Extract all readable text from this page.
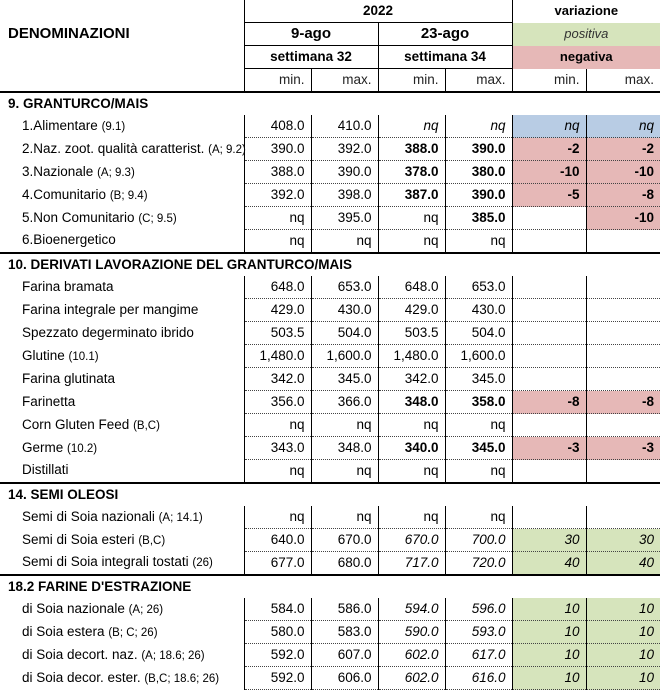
DENOMINAZIONI	2022				variazione	
	9-ago		23-ago		positiva	
	settimana 32		settimana 34		negativa	
	min.	max.	min.	max.	min.	max.
9. GRANTURCO/MAIS						
1.Alimentare (9.1)	408.0	410.0	nq	nq	nq	nq
2.Naz. zoot. qualità caratterist. (A; 9.2)	390.0	392.0	388.0	390.0	-2	-2
3.Nazionale (A; 9.3)	388.0	390.0	378.0	380.0	-10	-10
4.Comunitario (B; 9.4)	392.0	398.0	387.0	390.0	-5	-8
5.Non Comunitario (C; 9.5)	nq	395.0	nq	385.0		-10
6.Bioenergetico	nq	nq	nq	nq		
10. DERIVATI LAVORAZIONE DEL GRANTURCO/MAIS						
Farina bramata	648.0	653.0	648.0	653.0		
Farina integrale per mangime	429.0	430.0	429.0	430.0		
Spezzato degerminato ibrido	503.5	504.0	503.5	504.0		
Glutine (10.1)	1,480.0	1,600.0	1,480.0	1,600.0		
Farina glutinata	342.0	345.0	342.0	345.0		
Farinetta	356.0	366.0	348.0	358.0	-8	-8
Corn Gluten Feed (B,C)	nq	nq	nq	nq		
Germe (10.2)	343.0	348.0	340.0	345.0	-3	-3
Distillati	nq	nq	nq	nq		
14. SEMI OLEOSI						
Semi di Soia nazionali (A; 14.1)	nq	nq	nq	nq		
Semi di Soia esteri (B,C)	640.0	670.0	670.0	700.0	30	30
Semi di Soia integrali tostati (26)	677.0	680.0	717.0	720.0	40	40
18.2 FARINE D'ESTRAZIONE						
di Soia nazionale (A; 26)	584.0	586.0	594.0	596.0	10	10
di Soia estera (B; C; 26)	580.0	583.0	590.0	593.0	10	10
di Soia decort. naz. (A; 18.6; 26)	592.0	607.0	602.0	617.0	10	10
di Soia decor. ester. (B,C; 18.6; 26)	592.0	606.0	602.0	616.0	10	10
